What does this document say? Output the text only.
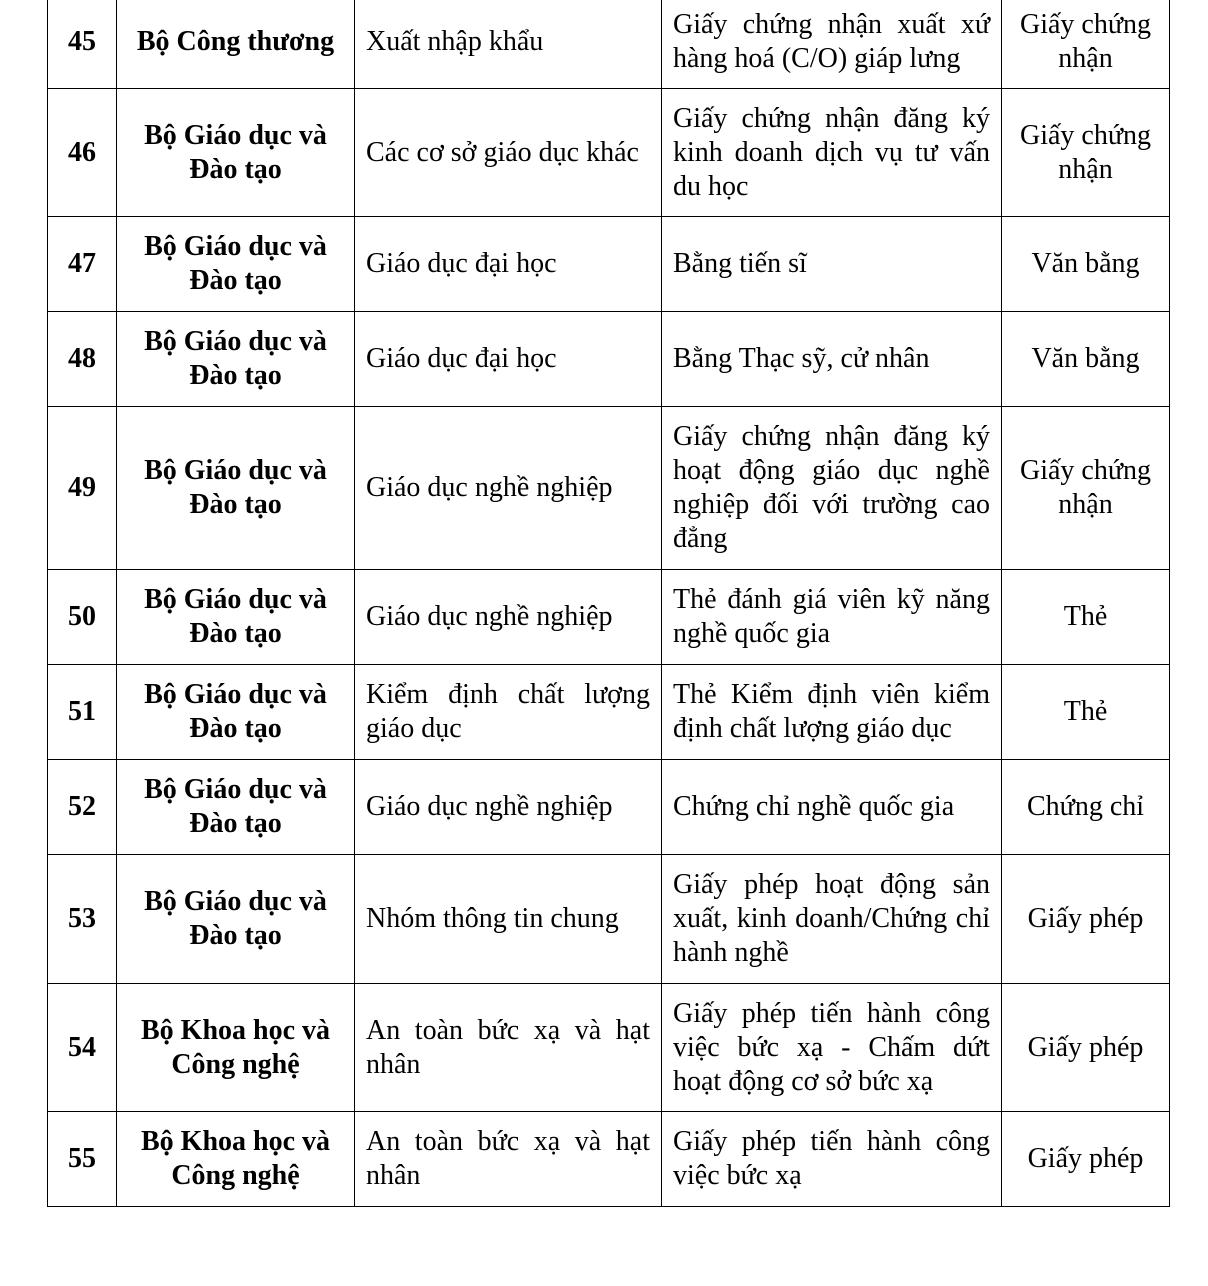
45	Bộ Công thương	Xuất nhập khẩu	Giấy chứng nhận xuất xứ hàng hoá (C/O) giáp lưng	Giấy chứng nhận
46	Bộ Giáo dục và Đào tạo	Các cơ sở giáo dục khác	Giấy chứng nhận đăng ký kinh doanh dịch vụ tư vấn du học	Giấy chứng nhận
47	Bộ Giáo dục và Đào tạo	Giáo dục đại học	Bằng tiến sĩ	Văn bằng
48	Bộ Giáo dục và Đào tạo	Giáo dục đại học	Bằng Thạc sỹ, cử nhân	Văn bằng
49	Bộ Giáo dục và Đào tạo	Giáo dục nghề nghiệp	Giấy chứng nhận đăng ký hoạt động giáo dục nghề nghiệp đối với trường cao đẳng	Giấy chứng nhận
50	Bộ Giáo dục và Đào tạo	Giáo dục nghề nghiệp	Thẻ đánh giá viên kỹ năng nghề quốc gia	Thẻ
51	Bộ Giáo dục và Đào tạo	Kiểm định chất lượng giáo dục	Thẻ Kiểm định viên kiểm định chất lượng giáo dục	Thẻ
52	Bộ Giáo dục và Đào tạo	Giáo dục nghề nghiệp	Chứng chỉ nghề quốc gia	Chứng chỉ
53	Bộ Giáo dục và Đào tạo	Nhóm thông tin chung	Giấy phép hoạt động sản xuất, kinh doanh/Chứng chỉ hành nghề	Giấy phép
54	Bộ Khoa học và Công nghệ	An toàn bức xạ và hạt nhân	Giấy phép tiến hành công việc bức xạ - Chấm dứt hoạt động cơ sở bức xạ	Giấy phép
55	Bộ Khoa học và Công nghệ	An toàn bức xạ và hạt nhân	Giấy phép tiến hành công việc bức xạ	Giấy phép
